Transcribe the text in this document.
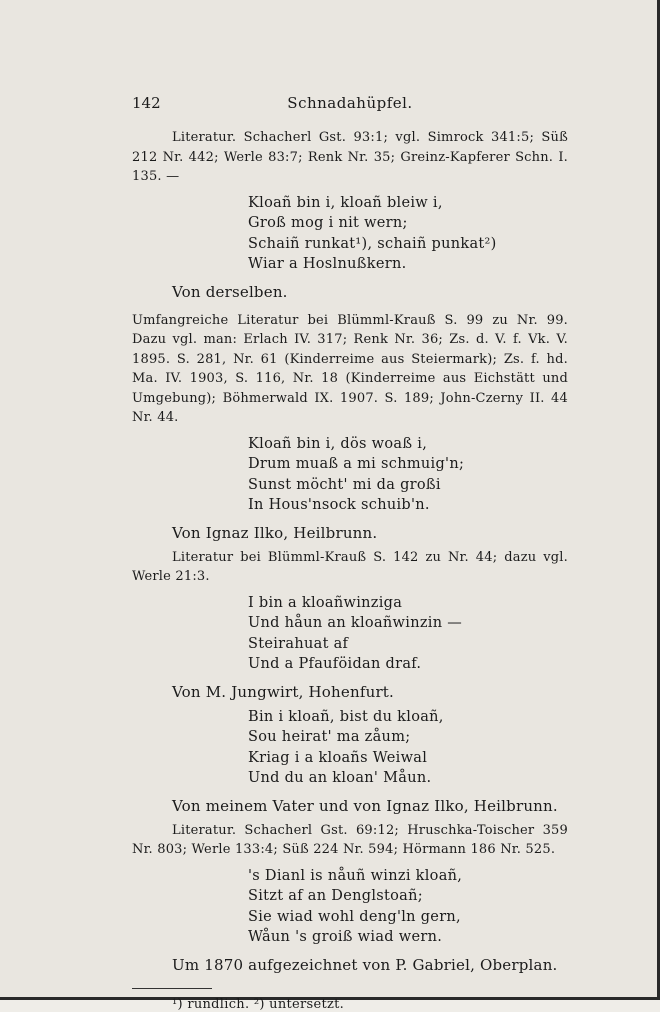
142	Schnadahüpfel.
Literatur. Schacherl Gst. 93:1; vgl. Simrock 341:5; Süß 212 Nr. 442; Werle 83:7; Renk Nr. 35; Greinz-Kapferer Schn. I. 135. —
Kloañ bin i, kloañ bleiw i,
Groß mog i nit wern;
Schaiñ runkat¹), schaiñ punkat²)
Wiar a Hoslnußkern.
Von derselben.
Umfangreiche Literatur bei Blümml-Krauß S. 99 zu Nr. 99. Dazu vgl. man: Erlach IV. 317; Renk Nr. 36; Zs. d. V. f. Vk. V. 1895. S. 281, Nr. 61 (Kinderreime aus Steiermark); Zs. f. hd. Ma. IV. 1903, S. 116, Nr. 18 (Kinderreime aus Eichstätt und Umgebung); Böhmerwald IX. 1907. S. 189; John-Czerny II. 44 Nr. 44.
Kloañ bin i, dös woaß i,
Drum muaß a mi schmuig'n;
Sunst möcht' mi da großi
In Hous'nsock schuib'n.
Von Ignaz Ilko, Heilbrunn.
Literatur bei Blümml-Krauß S. 142 zu Nr. 44; dazu vgl. Werle 21:3.
I bin a kloañwinziga
Und håun an kloañwinzin —
Steirahuat af
Und a Pfauföidan draf.
Von M. Jungwirt, Hohenfurt.
Bin i kloañ, bist du kloañ,
Sou heirat' ma zåum;
Kriag i a kloañs Weiwal
Und du an kloan' Måun.
Von meinem Vater und von Ignaz Ilko, Heilbrunn.
Literatur. Schacherl Gst. 69:12; Hruschka-Toischer 359 Nr. 803; Werle 133:4; Süß 224 Nr. 594; Hörmann 186 Nr. 525.
's Dianl is nåuñ winzi kloañ,
Sitzt af an Denglstoañ;
Sie wiad wohl deng'ln gern,
Wåun 's groiß wiad wern.
Um 1870 aufgezeichnet von P. Gabriel, Oberplan.
¹) rundlich. ²) untersetzt.
